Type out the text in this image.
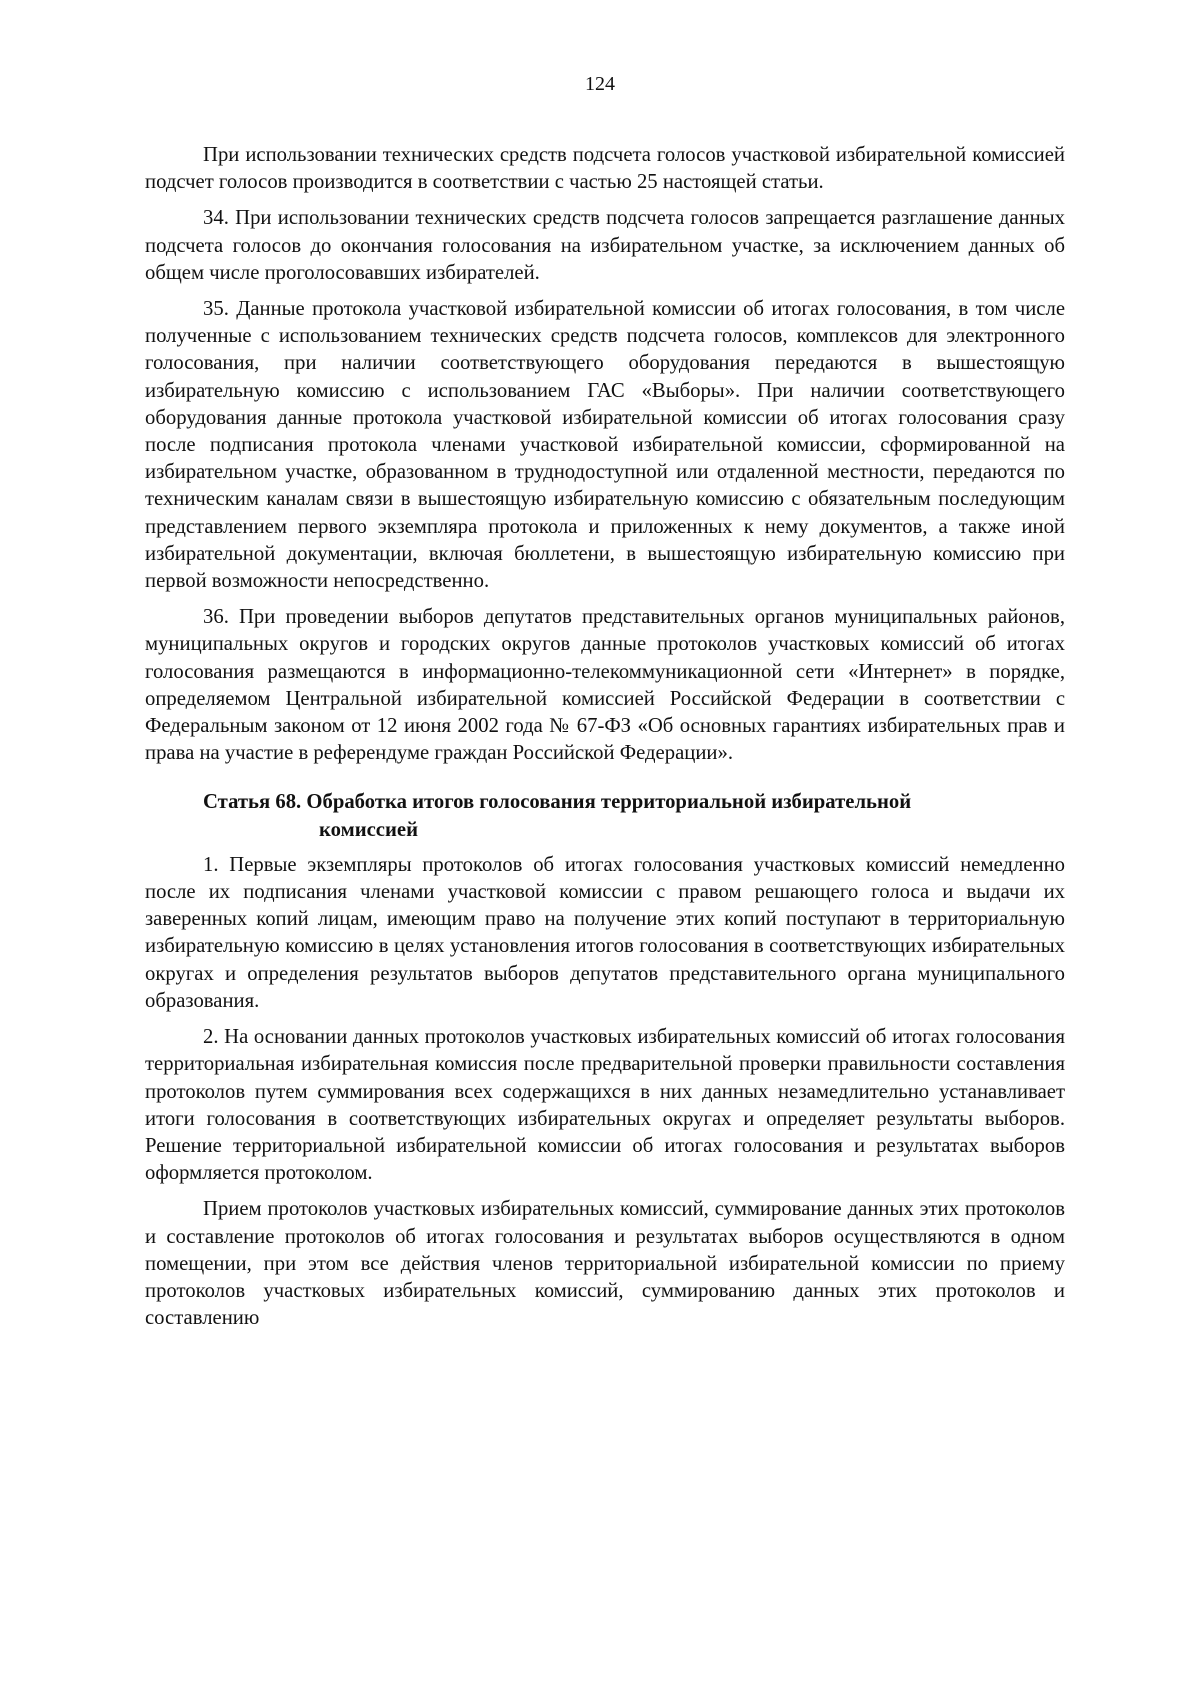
124

При использовании технических средств подсчета голосов участковой избирательной комиссией подсчет голосов производится в соответствии с частью 25 настоящей статьи.

34. При использовании технических средств подсчета голосов запрещается разглашение данных подсчета голосов до окончания голосования на избирательном участке, за исключением данных об общем числе проголосовавших избирателей.

35. Данные протокола участковой избирательной комиссии об итогах голосования, в том числе полученные с использованием технических средств подсчета голосов, комплексов для электронного голосования, при наличии соответствующего оборудования передаются в вышестоящую избирательную комиссию с использованием ГАС «Выборы». При наличии соответствующего оборудования данные протокола участковой избирательной комиссии об итогах голосования сразу после подписания протокола членами участковой избирательной комиссии, сформированной на избирательном участке, образованном в труднодоступной или отдаленной местности, передаются по техническим каналам связи в вышестоящую избирательную комиссию с обязательным последующим представлением первого экземпляра протокола и приложенных к нему документов, а также иной избирательной документации, включая бюллетени, в вышестоящую избирательную комиссию при первой возможности непосредственно.

36. При проведении выборов депутатов представительных органов муниципальных районов, муниципальных округов и городских округов данные протоколов участковых комиссий об итогах голосования размещаются в информационно-телекоммуникационной сети «Интернет» в порядке, определяемом Центральной избирательной комиссией Российской Федерации в соответствии с Федеральным законом от 12 июня 2002 года № 67-ФЗ «Об основных гарантиях избирательных прав и права на участие в референдуме граждан Российской Федерации».

Статья 68. Обработка итогов голосования территориальной избирательной
комиссией

1. Первые экземпляры протоколов об итогах голосования участковых комиссий немедленно после их подписания членами участковой комиссии с правом решающего голоса и выдачи их заверенных копий лицам, имеющим право на получение этих копий поступают в территориальную избирательную комиссию в целях установления итогов голосования в соответствующих избирательных округах и определения результатов выборов депутатов представительного органа муниципального образования.

2. На основании данных протоколов участковых избирательных комиссий об итогах голосования территориальная избирательная комиссия после предварительной проверки правильности составления протоколов путем суммирования всех содержащихся в них данных незамедлительно устанавливает итоги голосования в соответствующих избирательных округах и определяет результаты выборов. Решение территориальной избирательной комиссии об итогах голосования и результатах выборов оформляется протоколом.

Прием протоколов участковых избирательных комиссий, суммирование данных этих протоколов и составление протоколов об итогах голосования и результатах выборов осуществляются в одном помещении, при этом все действия членов территориальной избирательной комиссии по приему протоколов участковых избирательных комиссий, суммированию данных этих протоколов и составлению
